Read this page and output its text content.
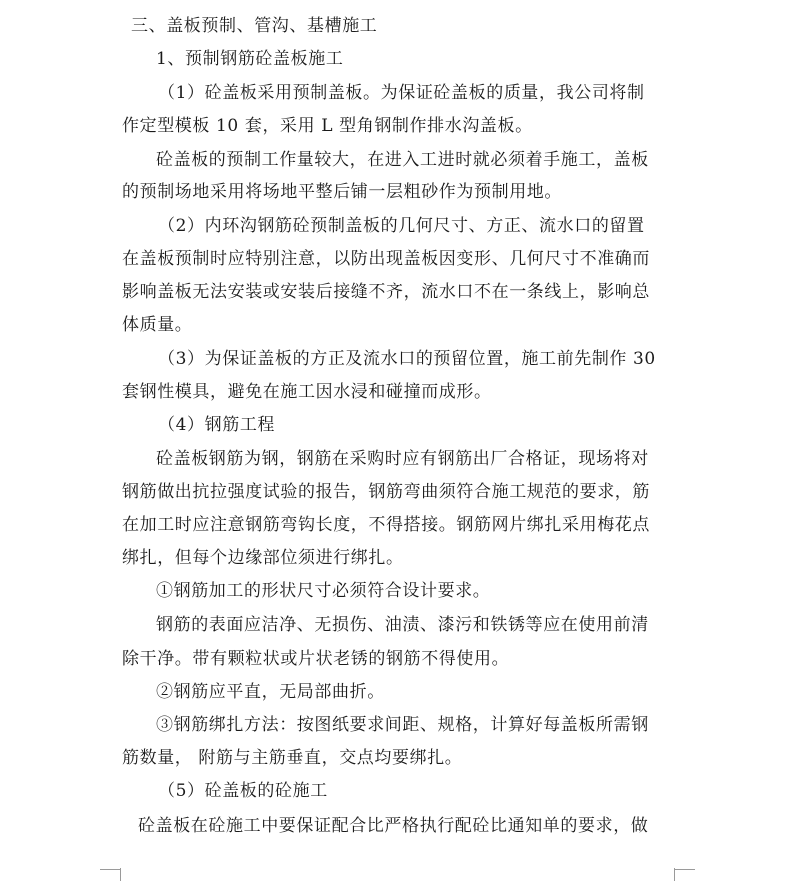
三、盖板预制、管沟、基槽施工
1、预制钢筋砼盖板施工
（1）砼盖板采用预制盖板。为保证砼盖板的质量，我公司将制
作定型模板 10 套，采用 L 型角钢制作排水沟盖板。
砼盖板的预制工作量较大，在进入工进时就必须着手施工，盖板
的预制场地采用将场地平整后铺一层粗砂作为预制用地。
（2）内环沟钢筋砼预制盖板的几何尺寸、方正、流水口的留置
在盖板预制时应特别注意，以防出现盖板因变形、几何尺寸不准确而
影响盖板无法安装或安装后接缝不齐，流水口不在一条线上，影响总
体质量。
（3）为保证盖板的方正及流水口的预留位置，施工前先制作 30
套钢性模具，避免在施工因水浸和碰撞而成形。
（4）钢筋工程
砼盖板钢筋为钢，钢筋在采购时应有钢筋出厂合格证，现场将对
钢筋做出抗拉强度试验的报告，钢筋弯曲须符合施工规范的要求，筋
在加工时应注意钢筋弯钩长度，不得搭接。钢筋网片绑扎采用梅花点
绑扎，但每个边缘部位须进行绑扎。
①钢筋加工的形状尺寸必须符合设计要求。
钢筋的表面应洁净、无损伤、油渍、漆污和铁锈等应在使用前清
除干净。带有颗粒状或片状老锈的钢筋不得使用。
②钢筋应平直，无局部曲折。
③钢筋绑扎方法：按图纸要求间距、规格，计算好每盖板所需钢
筋数量， 附筋与主筋垂直，交点均要绑扎。
（5）砼盖板的砼施工
砼盖板在砼施工中要保证配合比严格执行配砼比通知单的要求，做
